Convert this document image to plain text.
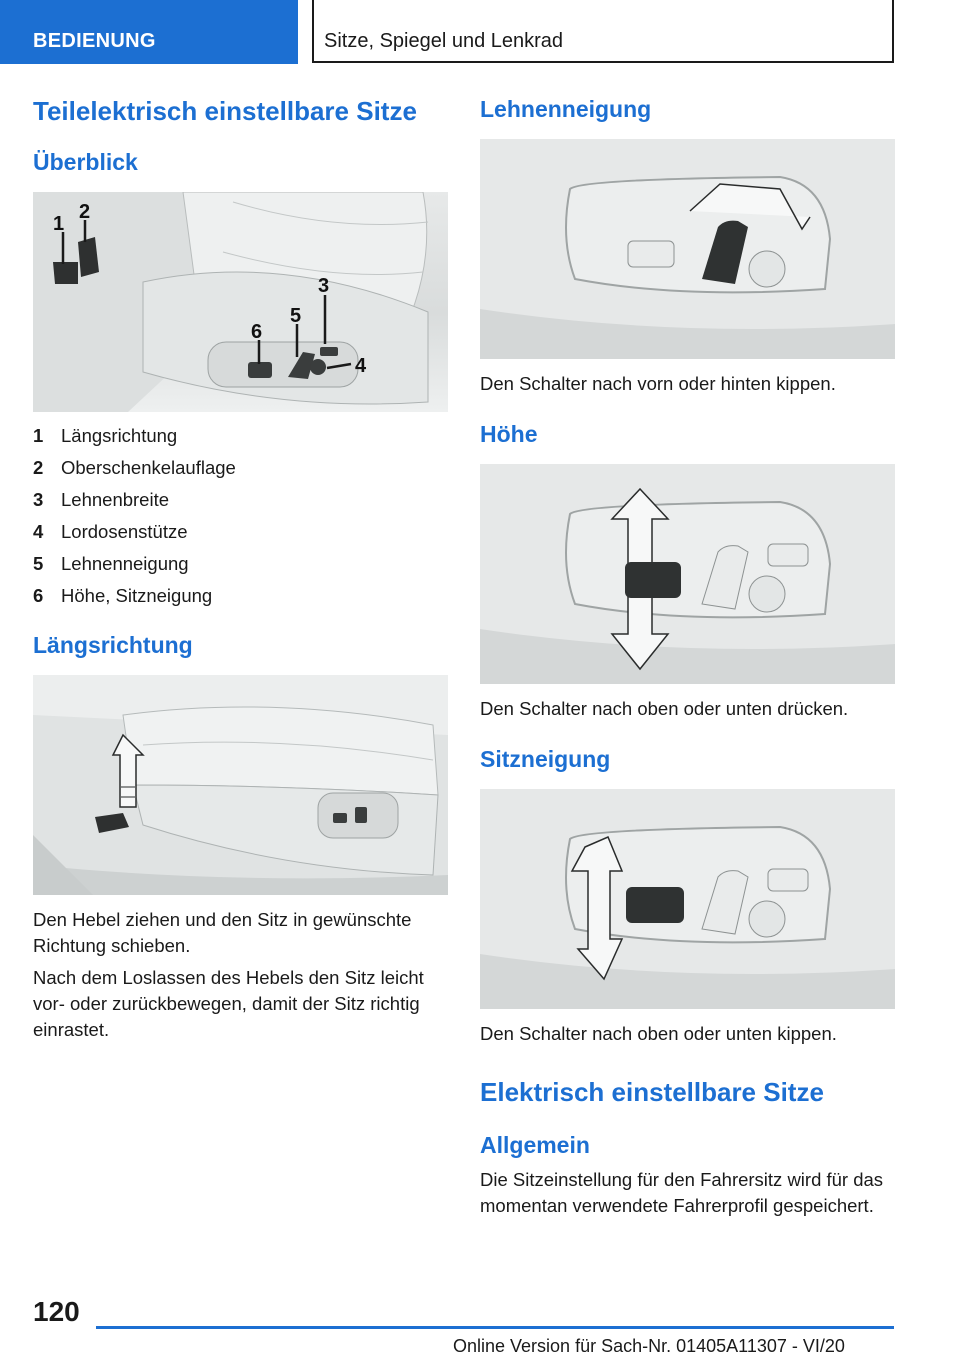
BEDIENUNG	Sitze, Spiegel und Lenkrad
Teilelektrisch einstellbare Sitze
Überblick
1
2
3
4
5
6
1 Längsrichtung
2 Oberschenkelauflage
3 Lehnenbreite
4 Lordosenstütze
5 Lehnenneigung
6 Höhe, Sitzneigung
Längsrichtung

Den Hebel ziehen und den Sitz in gewünschte Richtung schieben.

Nach dem Loslassen des Hebels den Sitz leicht vor- oder zurückbewegen, damit der Sitz richtig einrastet.

Lehnenneigung

Den Schalter nach vorn oder hinten kippen.

Höhe

Den Schalter nach oben oder unten drücken.

Sitzneigung

Den Schalter nach oben oder unten kippen.

Elektrisch einstellbare Sitze
Allgemein

Die Sitzeinstellung für den Fahrersitz wird für das momentan verwendete Fahrerprofil gespeichert.

120
Online Version für Sach-Nr. 01405A11307 - VI/20
